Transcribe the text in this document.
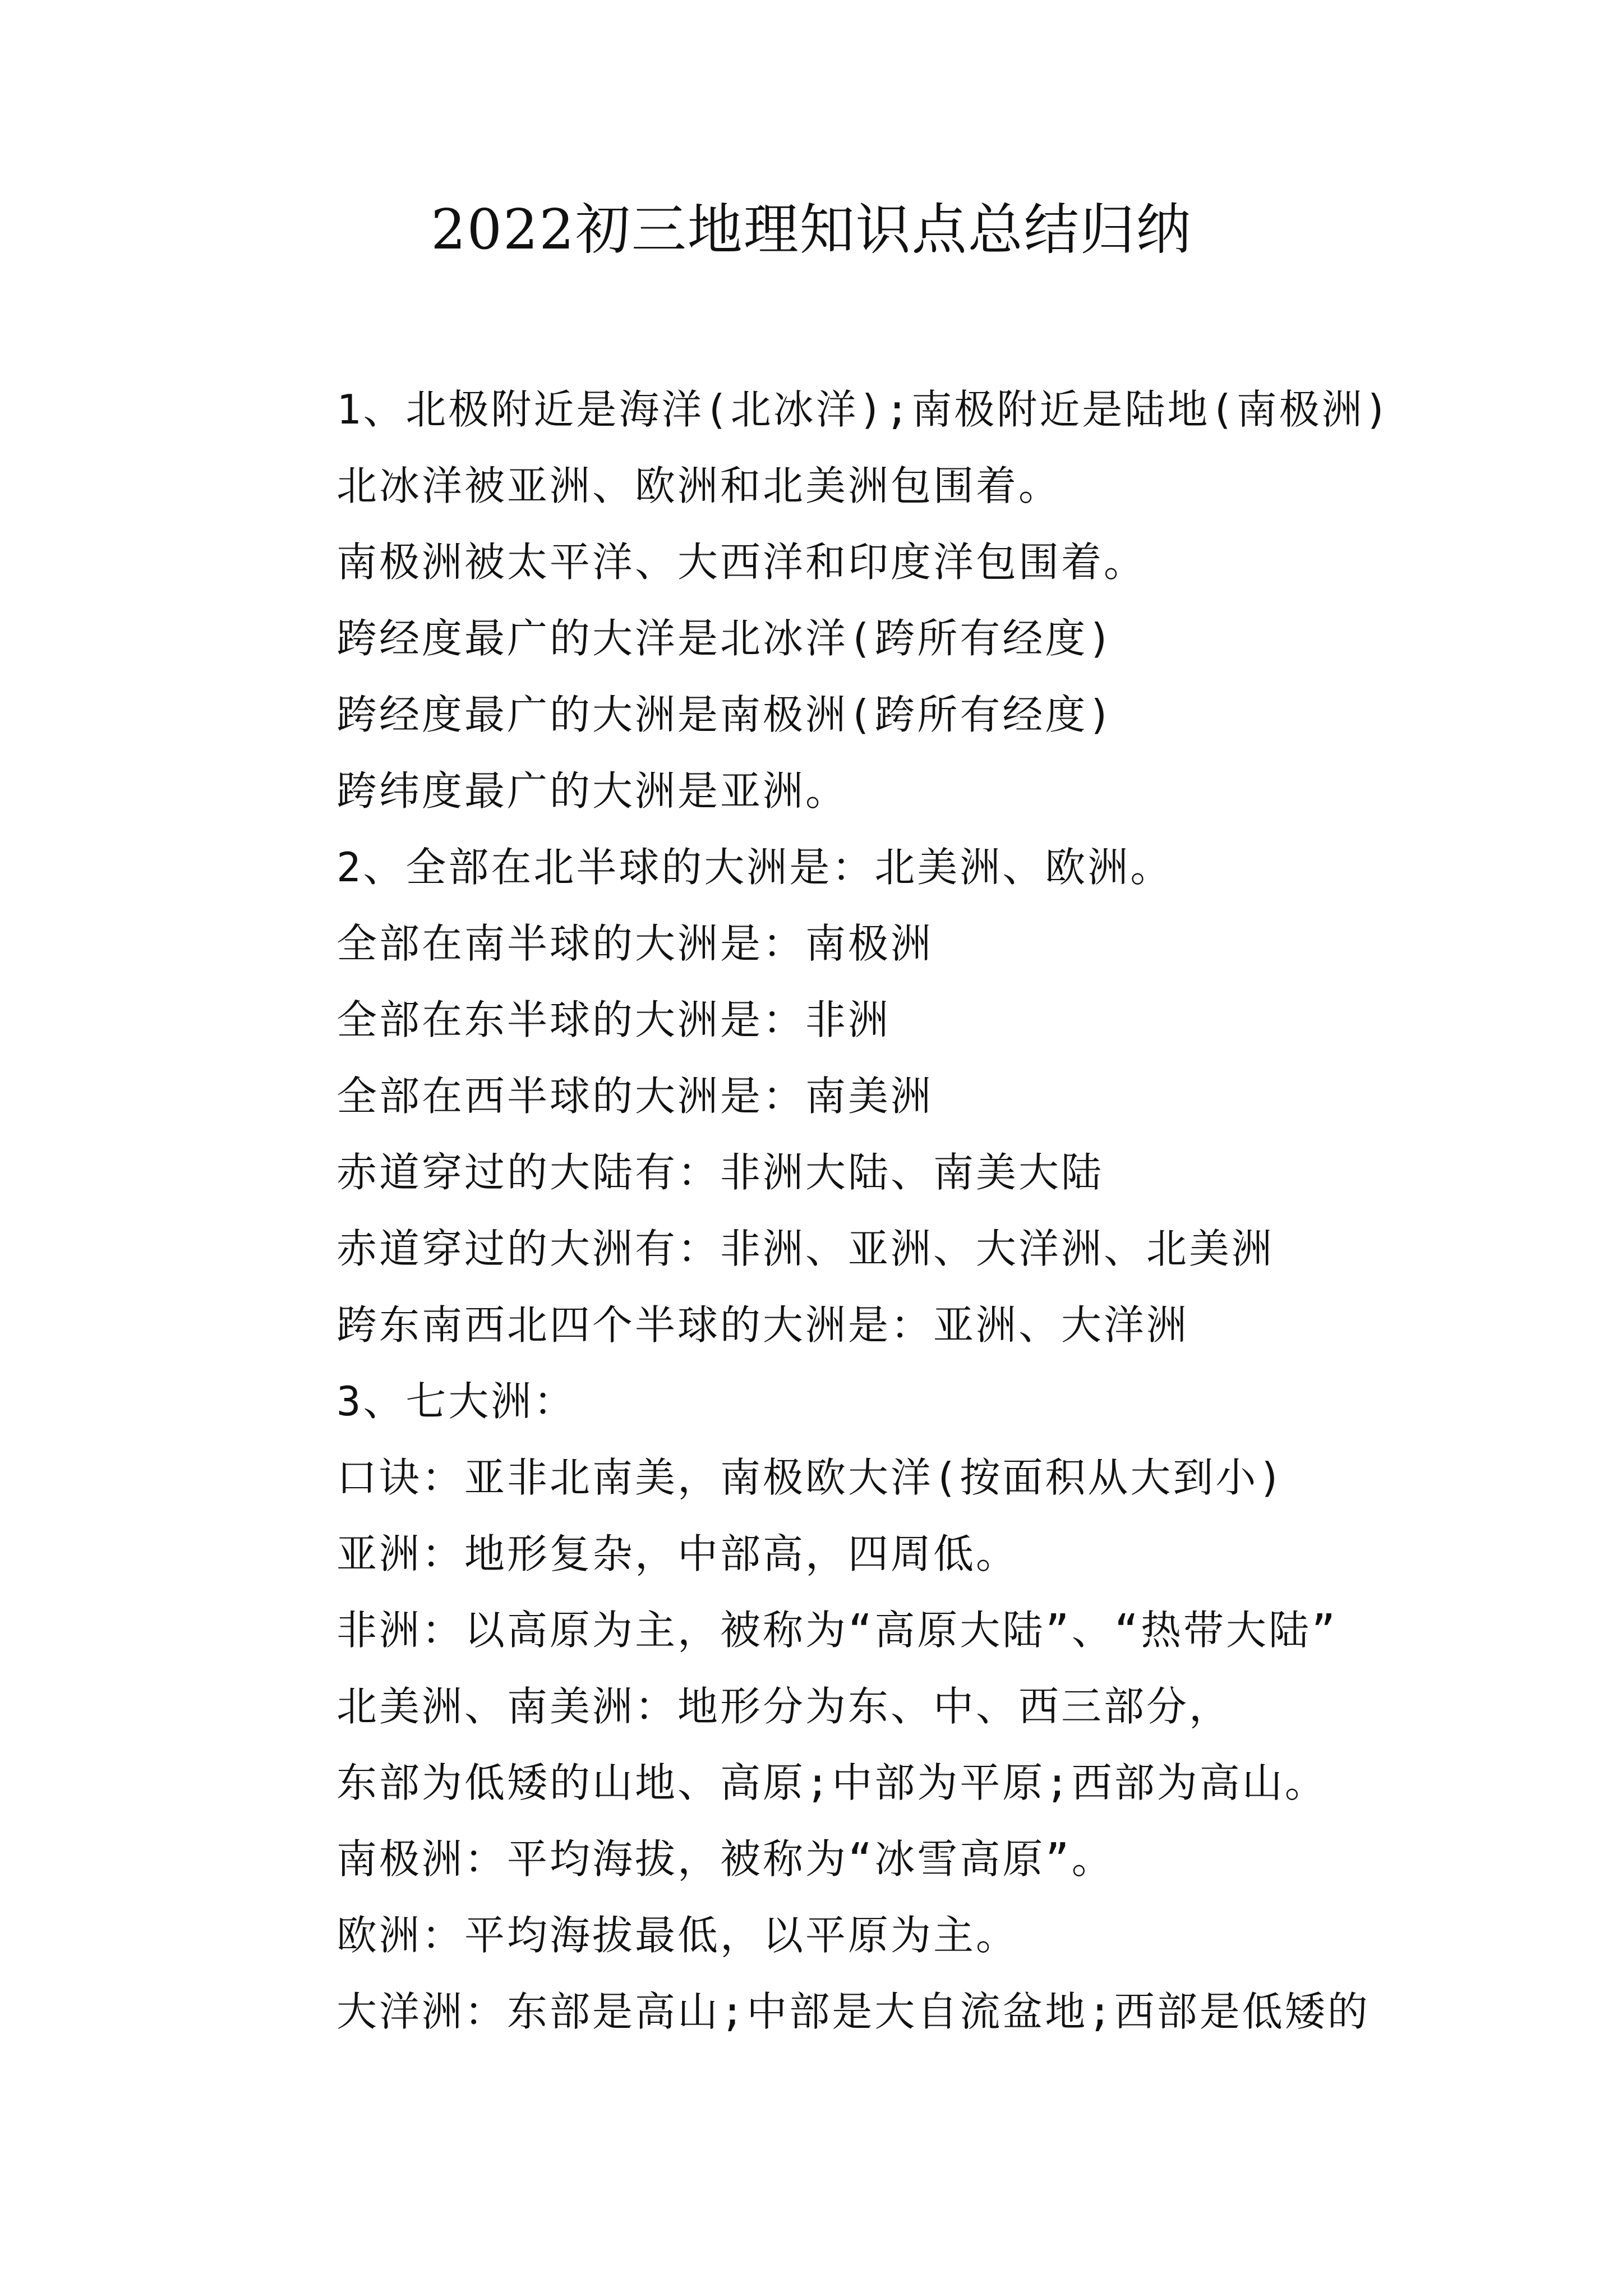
2022初三地理知识点总结归纳
1、北极附近是海洋(北冰洋);南极附近是陆地(南极洲)
北冰洋被亚洲、欧洲和北美洲包围着。
南极洲被太平洋、大西洋和印度洋包围着。
跨经度最广的大洋是北冰洋(跨所有经度)
跨经度最广的大洲是南极洲(跨所有经度)
跨纬度最广的大洲是亚洲。
2、全部在北半球的大洲是：北美洲、欧洲。
全部在南半球的大洲是：南极洲
全部在东半球的大洲是：非洲
全部在西半球的大洲是：南美洲
赤道穿过的大陆有：非洲大陆、南美大陆
赤道穿过的大洲有：非洲、亚洲、大洋洲、北美洲
跨东南西北四个半球的大洲是：亚洲、大洋洲
3、七大洲：
口诀：亚非北南美，南极欧大洋(按面积从大到小)
亚洲：地形复杂，中部高，四周低。
非洲：以高原为主，被称为“高原大陆”、“热带大陆”
北美洲、南美洲：地形分为东、中、西三部分，
东部为低矮的山地、高原;中部为平原;西部为高山。
南极洲：平均海拔，被称为“冰雪高原”。
欧洲：平均海拔最低，以平原为主。
大洋洲：东部是高山;中部是大自流盆地;西部是低矮的
